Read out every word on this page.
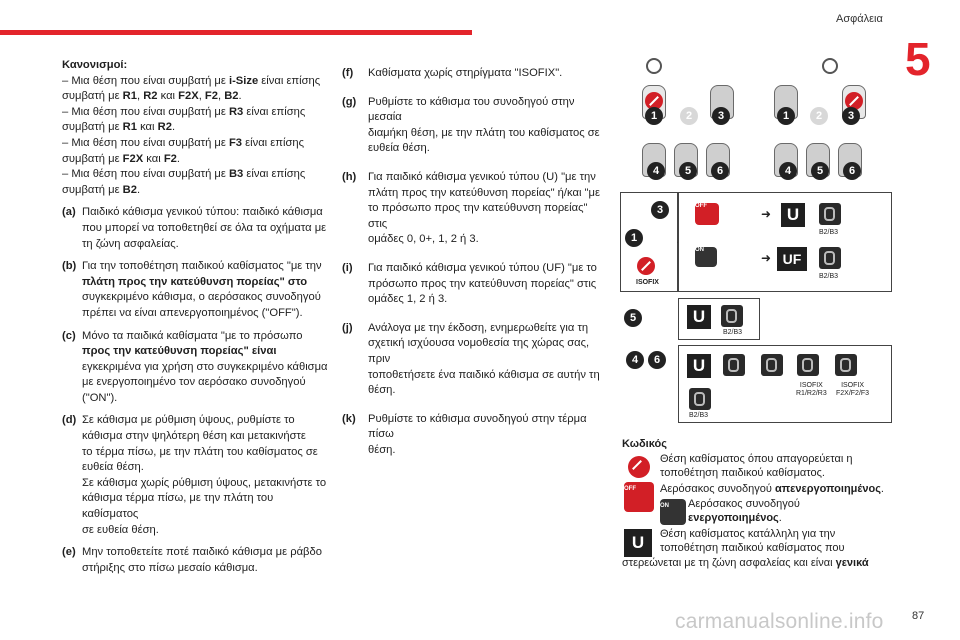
Ασφάλεια
5
87
carmanualsonline.info
Κανονισμοί:

– Μια θέση που είναι συμβατή με i-Size είναι επίσης

συμβατή με R1, R2 και F2X, F2, B2.

– Μια θέση που είναι συμβατή με R3 είναι επίσης

συμβατή με R1 και R2.

– Μια θέση που είναι συμβατή με F3 είναι επίσης

συμβατή με F2X και F2.

– Μια θέση που είναι συμβατή με B3 είναι επίσης

συμβατή με B2.

(a) Παιδικό κάθισμα γενικού τύπου: παιδικό κάθισμα
που μπορεί να τοποθετηθεί σε όλα τα οχήματα με
τη ζώνη ασφαλείας.
(b) Για την τοποθέτηση παιδικού καθίσματος "με την
πλάτη προς την κατεύθυνση πορείας" στο
συγκεκριμένο κάθισμα, ο αερόσακος συνοδηγού
πρέπει να είναι απενεργοποιημένος ("OFF").
(c) Μόνο τα παιδικά καθίσματα "με το πρόσωπο
προς την κατεύθυνση πορείας" είναι
εγκεκριμένα για χρήση στο συγκεκριμένο κάθισμα
με ενεργοποιημένο τον αερόσακο συνοδηγού
("ON").
(d) Σε κάθισμα με ρύθμιση ύψους, ρυθμίστε το
κάθισμα στην ψηλότερη θέση και μετακινήστε
το τέρμα πίσω, με την πλάτη του καθίσματος σε
ευθεία θέση.
Σε κάθισμα χωρίς ρύθμιση ύψους, μετακινήστε το
κάθισμα τέρμα πίσω, με την πλάτη του καθίσματος
σε ευθεία θέση.
(e) Μην τοποθετείτε ποτέ παιδικό κάθισμα με ράβδο
στήριξης στο πίσω μεσαίο κάθισμα.
(f)	Καθίσματα χωρίς στηρίγματα "ISOFIX".
(g)	Ρυθμίστε το κάθισμα του συνοδηγού στην μεσαία
διαμήκη θέση, με την πλάτη του καθίσματος σε
ευθεία θέση.
(h)	Για παιδικό κάθισμα γενικού τύπου (U) "με την
πλάτη προς την κατεύθυνση πορείας" ή/και "με
το πρόσωπο προς την κατεύθυνση πορείας" στις
ομάδες 0, 0+, 1, 2 ή 3.
(i)	Για παιδικό κάθισμα γενικού τύπου (UF) "με το
πρόσωπο προς την κατεύθυνση πορείας" στις
ομάδες 1, 2 ή 3.
(j)	Ανάλογα με την έκδοση, ενημερωθείτε για τη
σχετική ισχύουσα νομοθεσία της χώρας σας, πριν
τοποθετήσετε ένα παιδικό κάθισμα σε αυτήν τη
θέση.
(k)	Ρυθμίστε το κάθισμα συνοδηγού στην τέρμα πίσω
θέση.
1	2	3
4	5	6
1	2	3
4	5	6
3
1
ISOFIX
OFF
➜ U
B2/B3
ON
➜ UF
B2/B3
5	U
B2/B3
4	6	U
ISOFIX
R1/R2/R3
ISOFIX
F2X/F2/F3
B2/B3
Κωδικός
Θέση καθίσματος όπου απαγορεύεται η
τοποθέτηση παιδικού καθίσματος.
OFF	Αερόσακος συνοδηγού απενεργοποιημένος.
ON	Αερόσακος συνοδηγού
ενεργοποιημένος.
U	Θέση καθίσματος κατάλληλη για την
τοποθέτηση παιδικού καθίσματος που
στερεώνεται με τη ζώνη ασφαλείας και είναι γενικά
